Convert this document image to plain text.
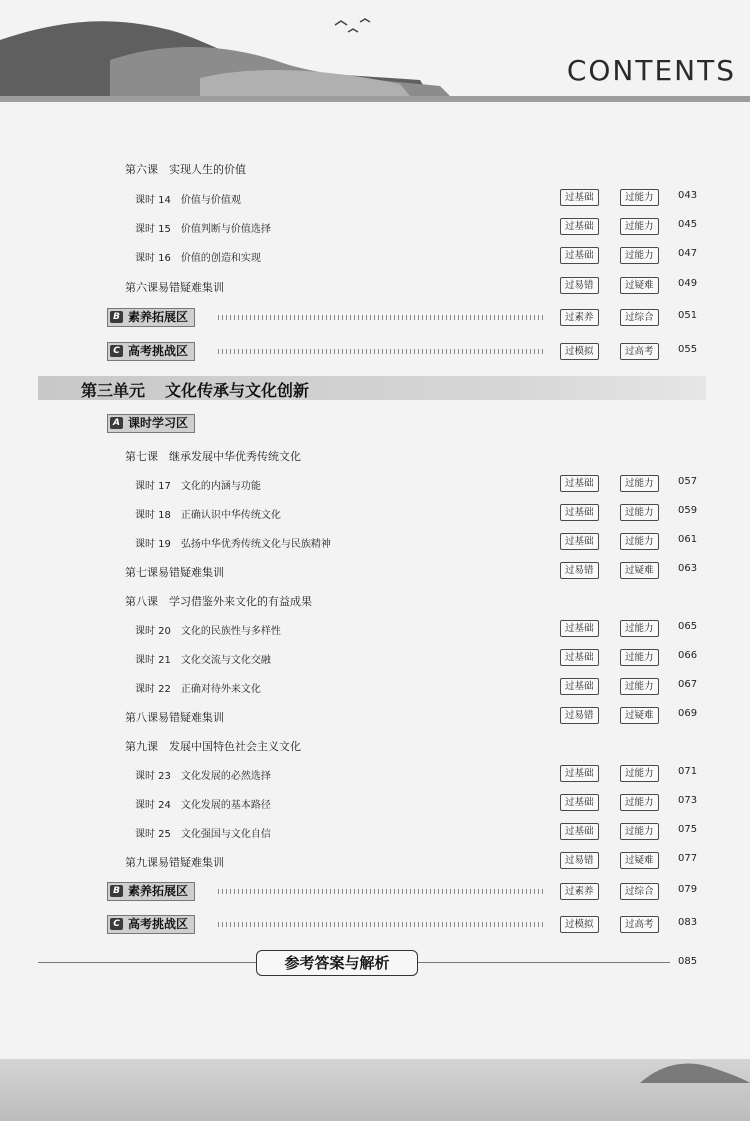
CONTENTS
第六课　实现人生的价值
课时 14　价值与价值观	过基础	过能力	043
课时 15　价值判断与价值选择	过基础	过能力	045
课时 16　价值的创造和实现	过基础	过能力	047
第六课易错疑难集训	过易错	过疑难	049
B 素养拓展区	过素养	过综合	051
C 高考挑战区	过模拟	过高考	055
第三单元 文化传承与文化创新
A 课时学习区
第七课　继承发展中华优秀传统文化
课时 17　文化的内涵与功能	过基础	过能力	057
课时 18　正确认识中华传统文化	过基础	过能力	059
课时 19　弘扬中华优秀传统文化与民族精神	过基础	过能力	061
第七课易错疑难集训	过易错	过疑难	063
第八课　学习借鉴外来文化的有益成果
课时 20　文化的民族性与多样性	过基础	过能力	065
课时 21　文化交流与文化交融	过基础	过能力	066
课时 22　正确对待外来文化	过基础	过能力	067
第八课易错疑难集训	过易错	过疑难	069
第九课　发展中国特色社会主义文化
课时 23　文化发展的必然选择	过基础	过能力	071
课时 24　文化发展的基本路径	过基础	过能力	073
课时 25　文化强国与文化自信	过基础	过能力	075
第九课易错疑难集训	过易错	过疑难	077
B 素养拓展区	过素养	过综合	079
C 高考挑战区	过模拟	过高考	083
参考答案与解析	085
